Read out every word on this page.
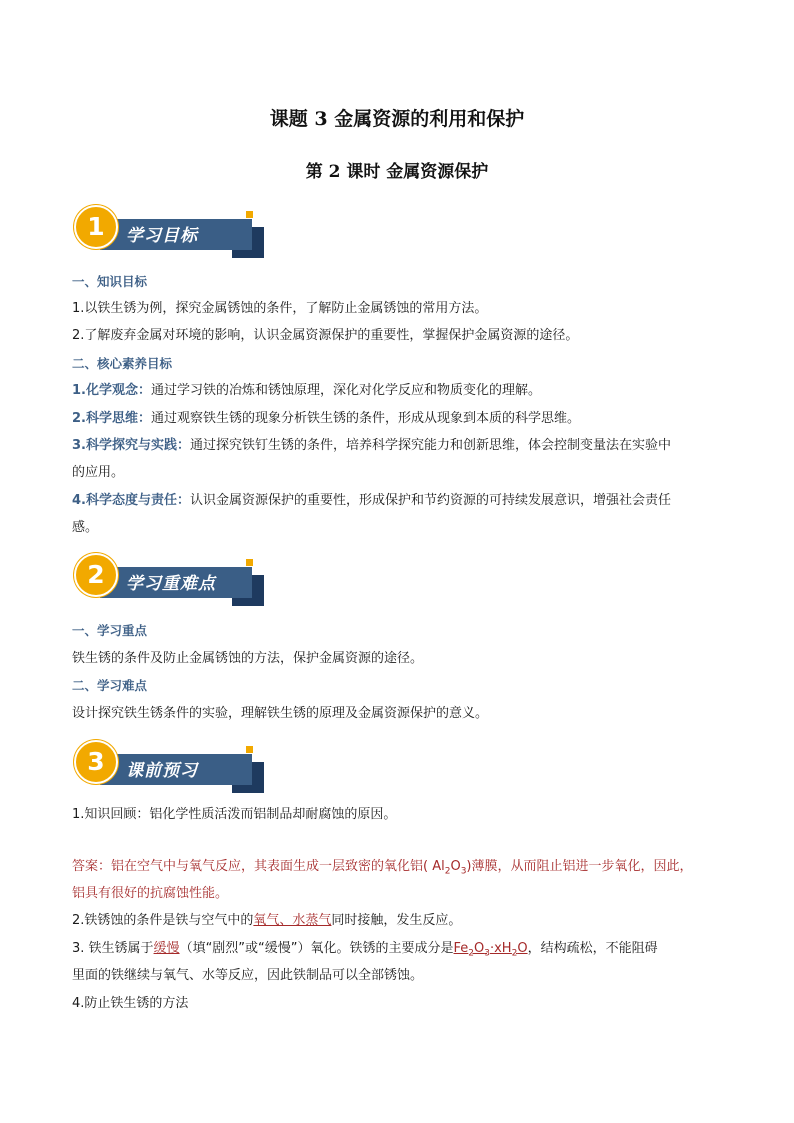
课题 3 金属资源的利用和保护
第 2 课时 金属资源保护
1	学习目标
一、知识目标
1.以铁生锈为例，探究金属锈蚀的条件，了解防止金属锈蚀的常用方法。
2.了解废弃金属对环境的影响，认识金属资源保护的重要性，掌握保护金属资源的途径。
二、核心素养目标
1.化学观念：通过学习铁的冶炼和锈蚀原理，深化对化学反应和物质变化的理解。
2.科学思维：通过观察铁生锈的现象分析铁生锈的条件，形成从现象到本质的科学思维。
3.科学探究与实践：通过探究铁钉生锈的条件，培养科学探究能力和创新思维，体会控制变量法在实验中
的应用。
4.科学态度与责任：认识金属资源保护的重要性，形成保护和节约资源的可持续发展意识，增强社会责任
感。
2	学习重难点
一、学习重点
铁生锈的条件及防止金属锈蚀的方法，保护金属资源的途径。
二、学习难点
设计探究铁生锈条件的实验，理解铁生锈的原理及金属资源保护的意义。
3	课前预习
1.知识回顾：铝化学性质活泼而铝制品却耐腐蚀的原因。
答案：铝在空气中与氧气反应，其表面生成一层致密的氧化铝( $Al_2O_3$)薄膜，从而阻止铝进一步氧化，因此，
铝具有很好的抗腐蚀性能。
2.铁锈蚀的条件是铁与空气中的氧气、水蒸气同时接触，发生反应。
3. 铁生锈属于缓慢（填“剧烈”或“缓慢”）氧化。铁锈的主要成分是$Fe_2O_3\cdot xH_2O$，结构疏松，不能阻碍
里面的铁继续与氧气、水等反应，因此铁制品可以全部锈蚀。
4.防止铁生锈的方法
